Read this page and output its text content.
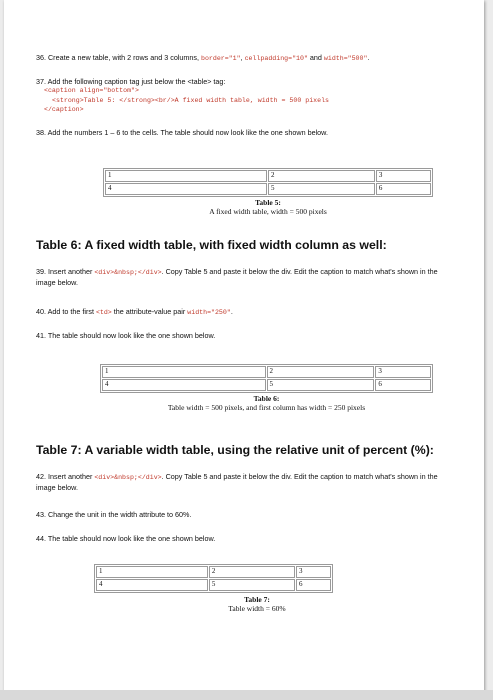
36. Create a new table, with 2 rows and 3 columns, border="1", cellpadding="10" and width="500".
37. Add the following caption tag just below the <table> tag:
<caption align="bottom">
<strong>Table 5: </strong><br/>A fixed width table, width = 500 pixels
</caption>
38. Add the numbers 1 – 6 to the cells. The table should now look like the one shown below.
1	2	3
4	5	6
Table 5:
A fixed width table, width = 500 pixels
Table 6: A fixed width table, with fixed width column as well:
39. Insert another <div>&nbsp;</div>. Copy Table 5 and paste it below the div. Edit the caption to match what's shown in the image below.
40. Add to the first <td> the attribute-value pair width="250".
41. The table should now look like the one shown below.
1	2	3
4	5	6
Table 6:
Table width = 500 pixels, and first column has width = 250 pixels
Table 7: A variable width table, using the relative unit of percent (%):
42. Insert another <div>&nbsp;</div>. Copy Table 5 and paste it below the div. Edit the caption to match what's shown in the image below.
43. Change the unit in the width attribute to 60%.
44. The table should now look like the one shown below.
1	2	3
4	5	6
Table 7:
Table width = 60%
